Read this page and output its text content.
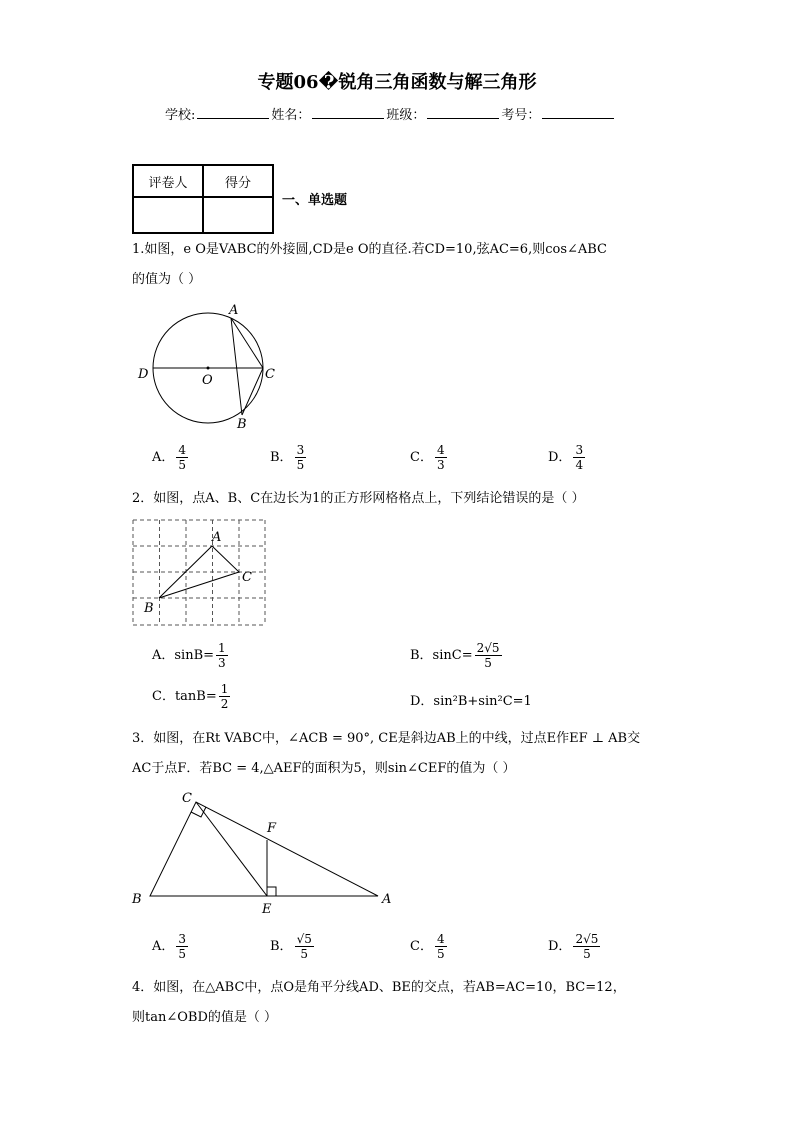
专题06�锐角三角函数与解三角形
学校:	姓名：	班级：	考号：
评卷人	得分

一、单选题
1.如图，e O是VABC的外接圆,CD是e O的直径.若CD=10,弦AC=6,则cos∠ABC
的值为（ ）
A
D	O	C
B
A． $\frac{4}{5}$	B． $\frac{3}{5}$	C． $\frac{4}{3}$	D． $\frac{3}{4}$
2．如图，点A、B、C在边长为1的正方形网格格点上，下列结论错误的是（ ）
A
C
B
A．$\sin B= \frac{1}{3}$	B．$\sin C= \frac{2√5}{5}$
C．$\tan B= \frac{1}{2}$	D．sin²B+sin²C=1
3．如图，在Rt VABC中，∠ACB = 90°, CE是斜边AB上的中线，过点E作EF ⊥ AB交
AC于点F．若BC = 4,△AEF的面积为5，则sin∠CEF的值为（ ）
C
F
B
E
A
A． $\frac{3}{5}$	B． $\frac{√5}{5}$	C． $\frac{4}{5}$	D． $\frac{2√5}{5}$
4．如图，在△ABC中，点O是角平分线AD、BE的交点，若AB=AC=10，BC=12，
则tan∠OBD的值是（ ）
